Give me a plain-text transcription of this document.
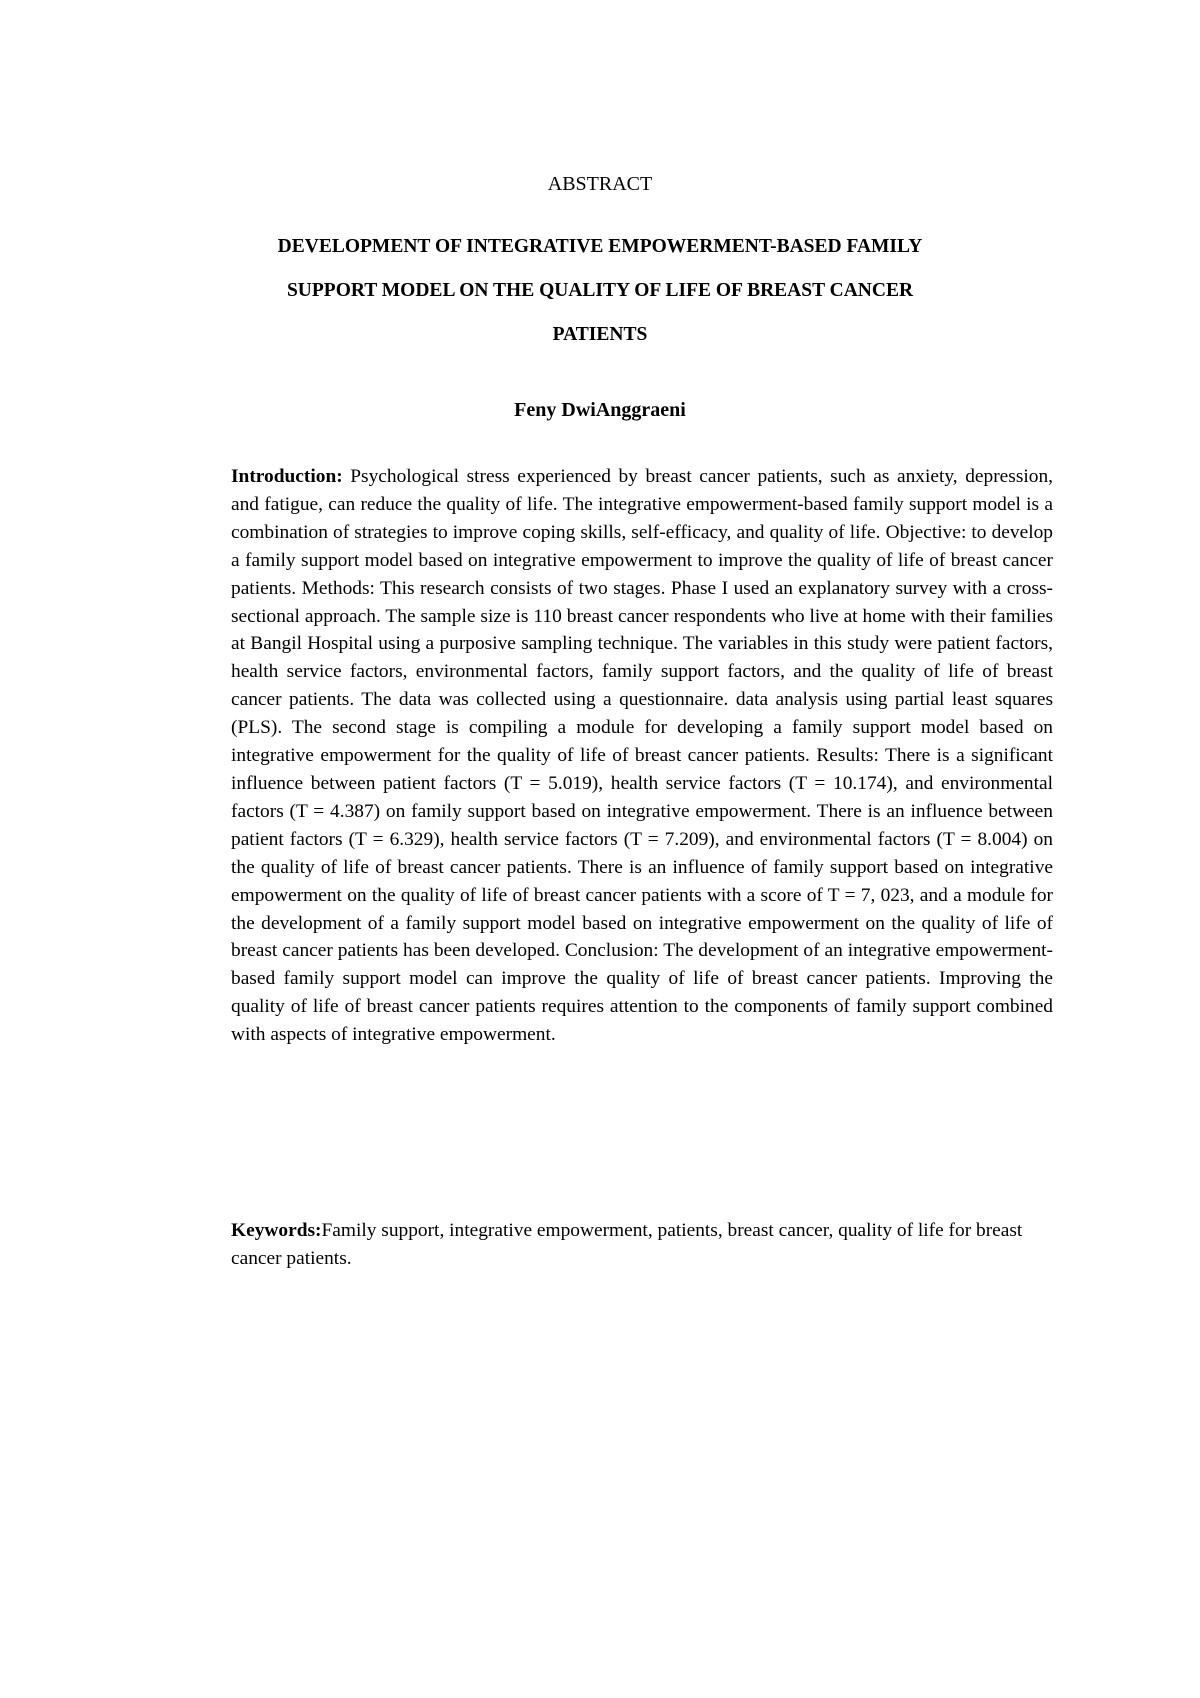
ABSTRACT
DEVELOPMENT OF INTEGRATIVE EMPOWERMENT-BASED FAMILY
SUPPORT MODEL ON THE QUALITY OF LIFE OF BREAST CANCER
PATIENTS

Feny DwiAnggraeni

Introduction: Psychological stress experienced by breast cancer patients, such as anxiety, depression, and fatigue, can reduce the quality of life. The integrative empowerment-based family support model is a combination of strategies to improve coping skills, self-efficacy, and quality of life. Objective: to develop a family support model based on integrative empowerment to improve the quality of life of breast cancer patients. Methods: This research consists of two stages. Phase I used an explanatory survey with a cross-sectional approach. The sample size is 110 breast cancer respondents who live at home with their families at Bangil Hospital using a purposive sampling technique. The variables in this study were patient factors, health service factors, environmental factors, family support factors, and the quality of life of breast cancer patients. The data was collected using a questionnaire. data analysis using partial least squares (PLS). The second stage is compiling a module for developing a family support model based on integrative empowerment for the quality of life of breast cancer patients. Results: There is a significant influence between patient factors (T = 5.019), health service factors (T = 10.174), and environmental factors (T = 4.387) on family support based on integrative empowerment. There is an influence between patient factors (T = 6.329), health service factors (T = 7.209), and environmental factors (T = 8.004) on the quality of life of breast cancer patients. There is an influence of family support based on integrative empowerment on the quality of life of breast cancer patients with a score of T = 7, 023, and a module for the development of a family support model based on integrative empowerment on the quality of life of breast cancer patients has been developed. Conclusion: The development of an integrative empowerment-based family support model can improve the quality of life of breast cancer patients. Improving the quality of life of breast cancer patients requires attention to the components of family support combined with aspects of integrative empowerment.

Keywords:Family support, integrative empowerment, patients, breast cancer, quality of life for breast cancer patients.
